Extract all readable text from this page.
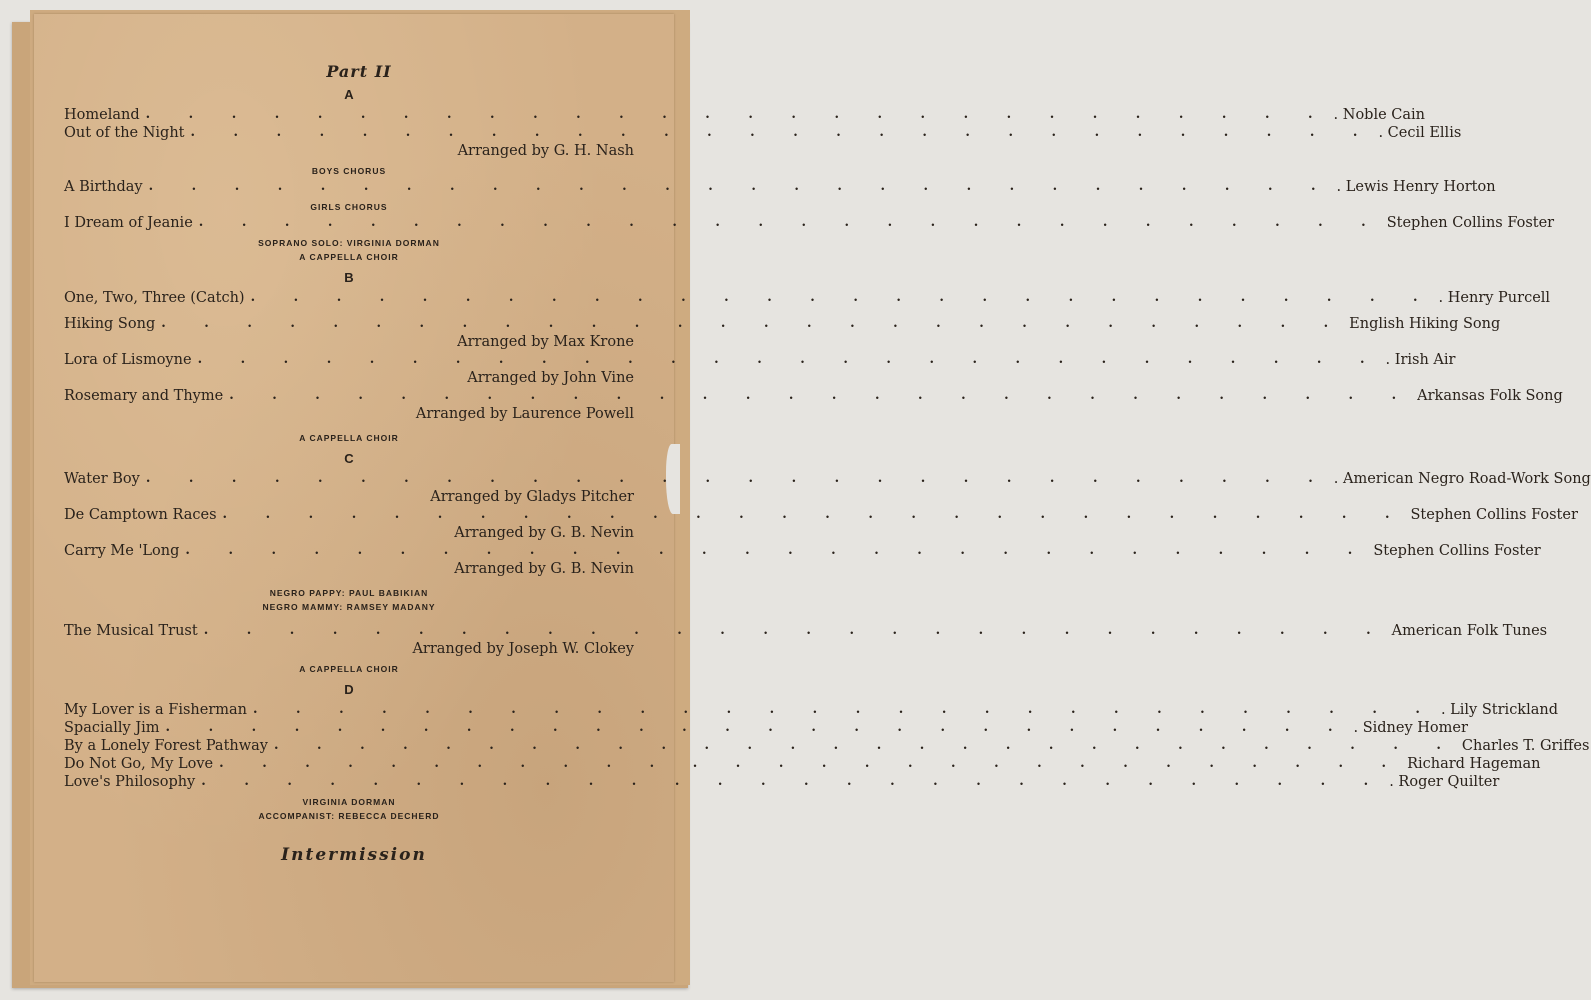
Part II
A
Homeland . . . . . . . . . . . . . . . . . . . . . . . . . . . . . Noble Cain
Out of the Night . . . . . . . . . . . . . . . . . . . . . . . . . . . . . Cecil Ellis
Arranged by G. H. Nash
BOYS CHORUS
A Birthday . . . . . . . . . . . . . . . . . . . . . . . . . . . . . Lewis Henry Horton
GIRLS CHORUS
I Dream of Jeanie . . . . . . . . . . . . . . . . . . . . . . . . . . . . Stephen Collins Foster
SOPRANO SOLO: VIRGINIA DORMAN
A CAPPELLA CHOIR
B
One, Two, Three (Catch) . . . . . . . . . . . . . . . . . . . . . . . . . . . . . Henry Purcell
Hiking Song . . . . . . . . . . . . . . . . . . . . . . . . . . . . English Hiking Song
Arranged by Max Krone
Lora of Lismoyne . . . . . . . . . . . . . . . . . . . . . . . . . . . . . Irish Air
Arranged by John Vine
Rosemary and Thyme . . . . . . . . . . . . . . . . . . . . . . . . . . . . Arkansas Folk Song
Arranged by Laurence Powell
A CAPPELLA CHOIR
C
Water Boy . . . . . . . . . . . . . . . . . . . . . . . . . . . . . American Negro Road-Work Song
Arranged by Gladys Pitcher
De Camptown Races . . . . . . . . . . . . . . . . . . . . . . . . . . . . Stephen Collins Foster
Arranged by G. B. Nevin
Carry Me 'Long . . . . . . . . . . . . . . . . . . . . . . . . . . . . Stephen Collins Foster
Arranged by G. B. Nevin
NEGRO PAPPY: PAUL BABIKIAN
NEGRO MAMMY: RAMSEY MADANY
The Musical Trust . . . . . . . . . . . . . . . . . . . . . . . . . . . . American Folk Tunes
Arranged by Joseph W. Clokey
A CAPPELLA CHOIR
D
My Lover is a Fisherman . . . . . . . . . . . . . . . . . . . . . . . . . . . . . Lily Strickland
Spacially Jim . . . . . . . . . . . . . . . . . . . . . . . . . . . . . Sidney Homer
By a Lonely Forest Pathway . . . . . . . . . . . . . . . . . . . . . . . . . . . . Charles T. Griffes
Do Not Go, My Love . . . . . . . . . . . . . . . . . . . . . . . . . . . . Richard Hageman
Love's Philosophy . . . . . . . . . . . . . . . . . . . . . . . . . . . . . Roger Quilter
VIRGINIA DORMAN
ACCOMPANIST: REBECCA DECHERD
Intermission
